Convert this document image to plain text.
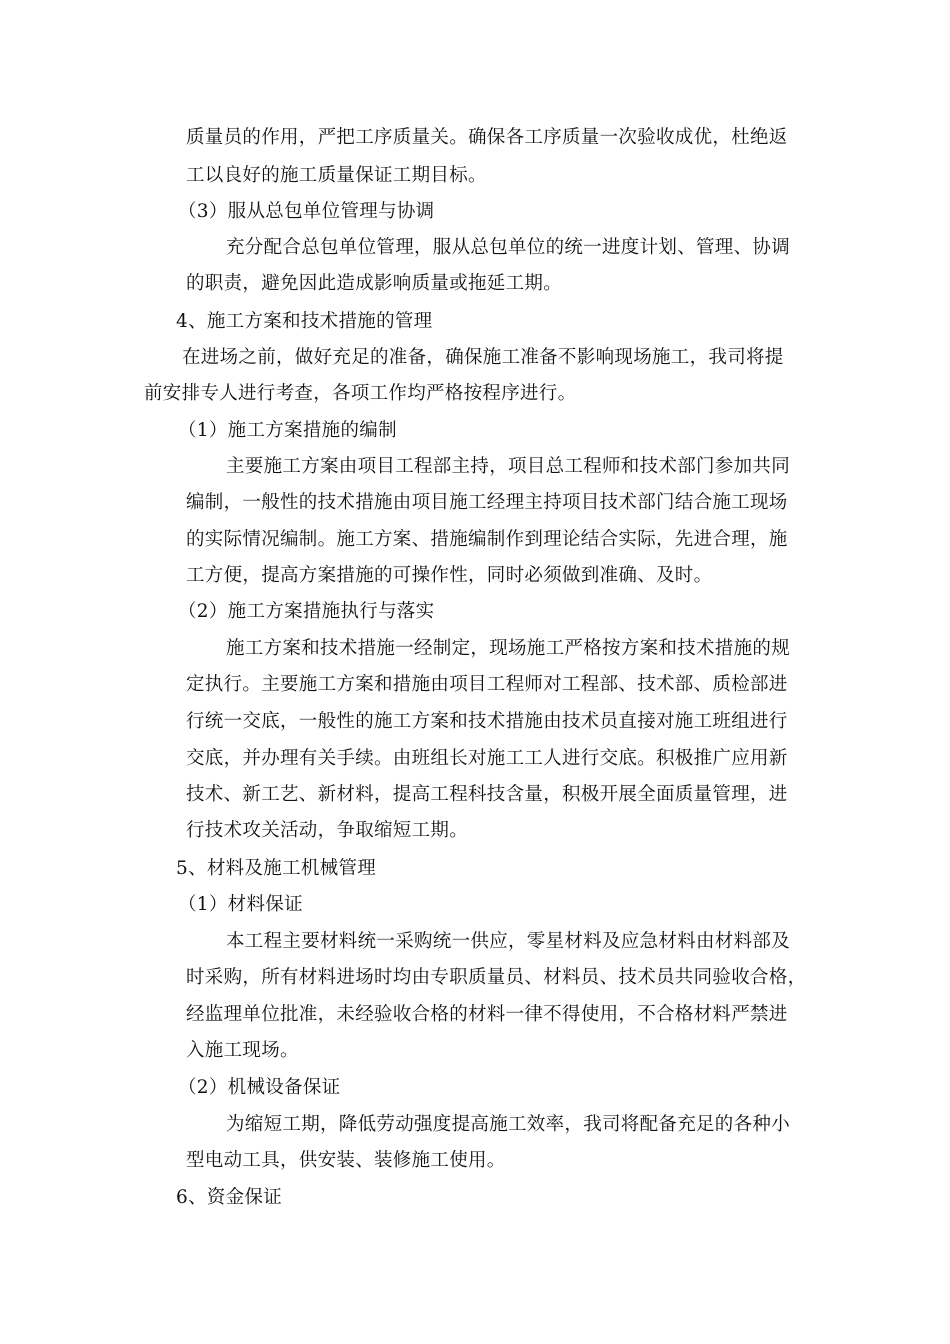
质量员的作用，严把工序质量关。确保各工序质量一次验收成优，杜绝返
工以良好的施工质量保证工期目标。
（3）服从总包单位管理与协调
充分配合总包单位管理，服从总包单位的统一进度计划、管理、协调
的职责，避免因此造成影响质量或拖延工期。
4、施工方案和技术措施的管理
在进场之前，做好充足的准备，确保施工准备不影响现场施工，我司将提
前安排专人进行考查，各项工作均严格按程序进行。
（1）施工方案措施的编制
主要施工方案由项目工程部主持，项目总工程师和技术部门参加共同
编制，一般性的技术措施由项目施工经理主持项目技术部门结合施工现场
的实际情况编制。施工方案、措施编制作到理论结合实际，先进合理，施
工方便，提高方案措施的可操作性，同时必须做到准确、及时。
（2）施工方案措施执行与落实
施工方案和技术措施一经制定，现场施工严格按方案和技术措施的规
定执行。主要施工方案和措施由项目工程师对工程部、技术部、质检部进
行统一交底，一般性的施工方案和技术措施由技术员直接对施工班组进行
交底，并办理有关手续。由班组长对施工工人进行交底。积极推广应用新
技术、新工艺、新材料，提高工程科技含量，积极开展全面质量管理，进
行技术攻关活动，争取缩短工期。
5、材料及施工机械管理
（1）材料保证
本工程主要材料统一采购统一供应，零星材料及应急材料由材料部及
时采购，所有材料进场时均由专职质量员、材料员、技术员共同验收合格，
经监理单位批准，未经验收合格的材料一律不得使用，不合格材料严禁进
入施工现场。
（2）机械设备保证
为缩短工期，降低劳动强度提高施工效率，我司将配备充足的各种小
型电动工具，供安装、装修施工使用。
6、资金保证
